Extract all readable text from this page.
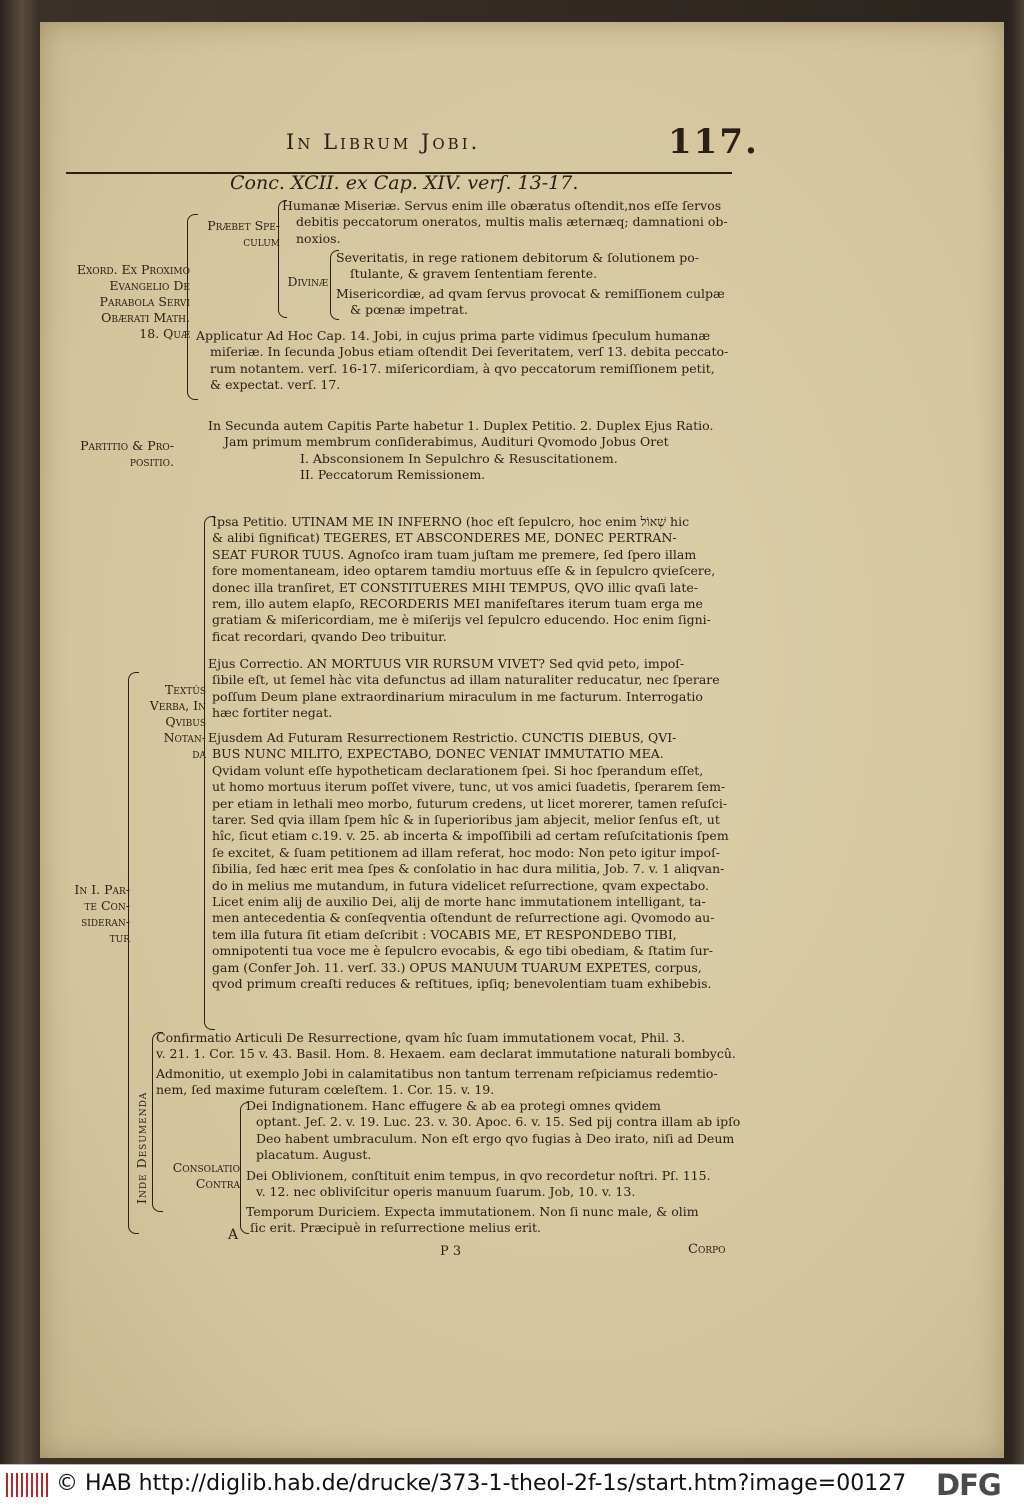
In Librum Jobi.	117.
Conc. XCII. ex Cap. XIV. verſ. 13-17.
Exord. Ex Proximo
Evangelio De
Parabola Servi
Obærati Math.
18. Quæ
Præbet Spe-
culum
Humanæ Miseriæ. Servus enim ille obæratus oſtendit,nos eſſe ſervos
debitis peccatorum oneratos, multis malis æternæq; damnationi ob-
noxios.
Divinæ
Severitatis, in rege rationem debitorum & ſolutionem po-
ſtulante, & gravem ſententiam ferente.
Misericordiæ, ad qvam ſervus provocat & remiſſionem culpæ
& pœnæ impetrat.
Applicatur Ad Hoc Cap. 14. Jobi, in cujus prima parte vidimus ſpeculum humanæ
miſeriæ. In ſecunda Jobus etiam oſtendit Dei ſeveritatem, verſ 13. debita peccato-
rum notantem. verſ. 16-17. miſericordiam, à qvo peccatorum remiſſionem petit,
& expectat. verſ. 17.
Partitio & Pro-
positio.
In Secunda autem Capitis Parte habetur 1. Duplex Petitio. 2. Duplex Ejus Ratio.
Jam primum membrum conſiderabimus, Audituri Qvomodo Jobus Oret
I. Absconsionem In Sepulchro & Resuscitationem.
II. Peccatorum Remissionem.
In I. Par-
te Con-
sideran-
tur
Textûs
Verba, In
Qvibus
Notan-
da
Ipsa Petitio. UTINAM ME IN INFERNO (hoc eſt ſepulcro, hoc enim שְׁאוֹל hic
& alibi ſignificat) TEGERES, ET ABSCONDERES ME, DONEC PERTRAN-
SEAT FUROR TUUS. Agnoſco iram tuam juſtam me premere, ſed ſpero illam
fore momentaneam, ideo optarem tamdiu mortuus eſſe & in ſepulcro qvieſcere,
donec illa tranſiret, ET CONSTITUERES MIHI TEMPUS, QVO illic qvaſi late-
rem, illo autem elapſo, RECORDERIS MEI manifeſtares iterum tuam erga me
gratiam & miſericordiam, me è miſerijs vel ſepulcro educendo. Hoc enim ſigni-
ficat recordari, qvando Deo tribuitur.
Ejus Correctio. AN MORTUUS VIR RURSUM VIVET? Sed qvid peto, impoſ-
ſibile eſt, ut ſemel hàc vita defunctus ad illam naturaliter reducatur, nec ſperare
poſſum Deum plane extraordinarium miraculum in me facturum. Interrogatio
hæc fortiter negat.
Ejusdem Ad Futuram Resurrectionem Restrictio. CUNCTIS DIEBUS, QVI-
BUS NUNC MILITO, EXPECTABO, DONEC VENIAT IMMUTATIO MEA.
Qvidam volunt eſſe hypotheticam declarationem ſpei. Si hoc ſperandum eſſet,
ut homo mortuus iterum poſſet vivere, tunc, ut vos amici ſuadetis, ſperarem ſem-
per etiam in lethali meo morbo, futurum credens, ut licet morerer, tamen reſuſci-
tarer. Sed qvia illam ſpem hîc & in ſuperioribus jam abjecit, melior ſenſus eſt, ut
hîc, ſicut etiam c.19. v. 25. ab incerta & impoſſibili ad certam reſuſcitationis ſpem
ſe excitet, & ſuam petitionem ad illam referat, hoc modo: Non peto igitur impoſ-
ſibilia, ſed hæc erit mea ſpes & conſolatio in hac dura militia, Job. 7. v. 1 aliqvan-
do in melius me mutandum, in futura videlicet reſurrectione, qvam expectabo.
Licet enim alij de auxilio Dei, alij de morte hanc immutationem intelligant, ta-
men antecedentia & conſeqventia oſtendunt de reſurrectione agi. Qvomodo au-
tem illa futura ſit etiam deſcribit : VOCABIS ME, ET RESPONDEBO TIBI,
omnipotenti tua voce me è ſepulcro evocabis, & ego tibi obediam, & ſtatim ſur-
gam (Confer Joh. 11. verſ. 33.) OPUS MANUUM TUARUM EXPETES, corpus,
qvod primum creaſti reduces & reſtitues, ipſiq; benevolentiam tuam exhibebis.
Inde Desumenda
Confirmatio Articuli De Resurrectione, qvam hîc ſuam immutationem vocat, Phil. 3.
v. 21. 1. Cor. 15 v. 43. Basil. Hom. 8. Hexaem. eam declarat immutatione naturali bombycû.
Admonitio, ut exemplo Jobi in calamitatibus non tantum terrenam reſpiciamus redemtio-
nem, ſed maxime futuram cœleſtem. 1. Cor. 15. v. 19.
Consolatio
Contra
Dei Indignationem. Hanc effugere & ab ea protegi omnes qvidem
optant. Jeſ. 2. v. 19. Luc. 23. v. 30. Apoc. 6. v. 15. Sed pij contra illam ab ipſo
Deo habent umbraculum. Non eſt ergo qvo fugias à Deo irato, niſi ad Deum
placatum. August.
Dei Oblivionem, conſtituit enim tempus, in qvo recordetur noſtri. Pſ. 115.
v. 12. nec obliviſcitur operis manuum ſuarum. Job, 10. v. 13.
Temporum Duriciem. Expecta immutationem. Non ſi nunc male, & olim
ſic erit. Præcipuè in reſurrectione melius erit.
A
P 3	Corpo
© HAB http://diglib.hab.de/drucke/373-1-theol-2f-1s/start.htm?image=00127 DFG
